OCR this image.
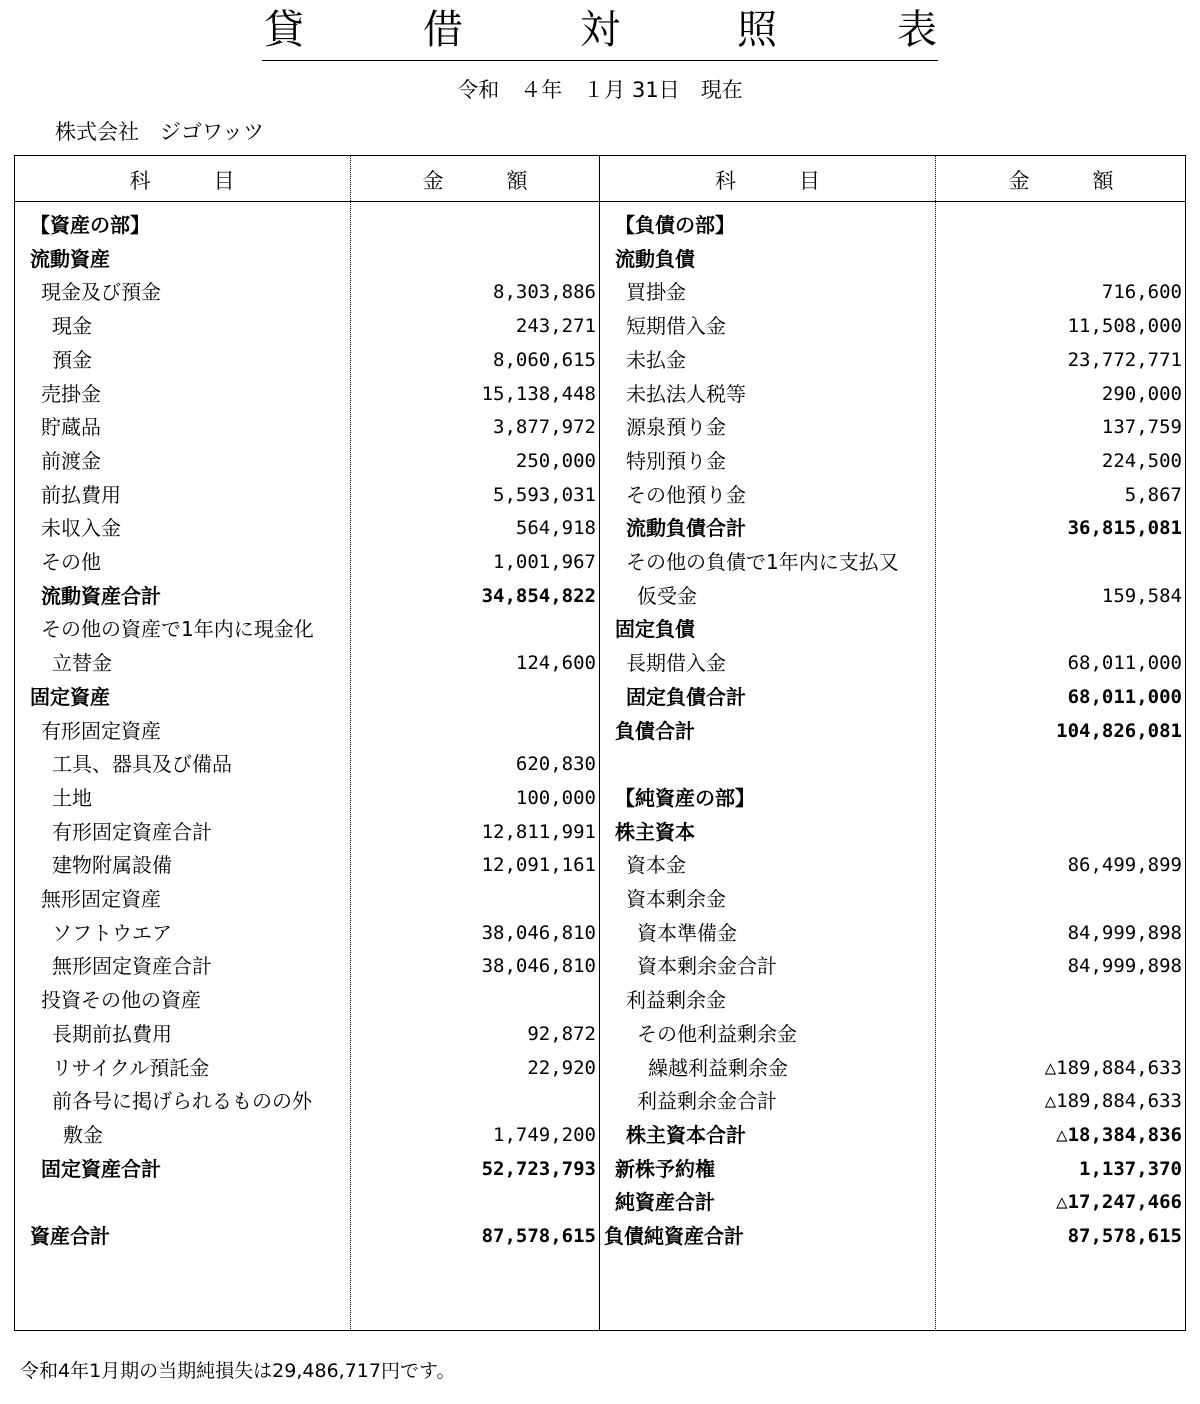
貸	借	対	照	表
令和　４年　１月 31日　現在
株式会社　ジゴワッツ
科　　　目	金　　　額	科　　　目	金　　　額
【資産の部】
流動資産
現金及び預金	8,303,886
現金	243,271
預金	8,060,615
売掛金	15,138,448
貯蔵品	3,877,972
前渡金	250,000
前払費用	5,593,031
未収入金	564,918
その他	1,001,967
流動資産合計	34,854,822
その他の資産で1年内に現金化
立替金	124,600
固定資産
有形固定資産
工具、器具及び備品	620,830
土地	100,000
有形固定資産合計	12,811,991
建物附属設備	12,091,161
無形固定資産
ソフトウエア	38,046,810
無形固定資産合計	38,046,810
投資その他の資産
長期前払費用	92,872
リサイクル預託金	22,920
前各号に掲げられるものの外
敷金	1,749,200
固定資産合計	52,723,793
資産合計	87,578,615
【負債の部】
流動負債
買掛金	716,600
短期借入金	11,508,000
未払金	23,772,771
未払法人税等	290,000
源泉預り金	137,759
特別預り金	224,500
その他預り金	5,867
流動負債合計	36,815,081
その他の負債で1年内に支払又
仮受金	159,584
固定負債
長期借入金	68,011,000
固定負債合計	68,011,000
負債合計	104,826,081
【純資産の部】
株主資本
資本金	86,499,899
資本剰余金
資本準備金	84,999,898
資本剰余金合計	84,999,898
利益剰余金
その他利益剰余金
繰越利益剰余金	△189,884,633
利益剰余金合計	△189,884,633
株主資本合計	△18,384,836
新株予約権	1,137,370
純資産合計	△17,247,466
負債純資産合計	87,578,615
令和4年1月期の当期純損失は29,486,717円です。
